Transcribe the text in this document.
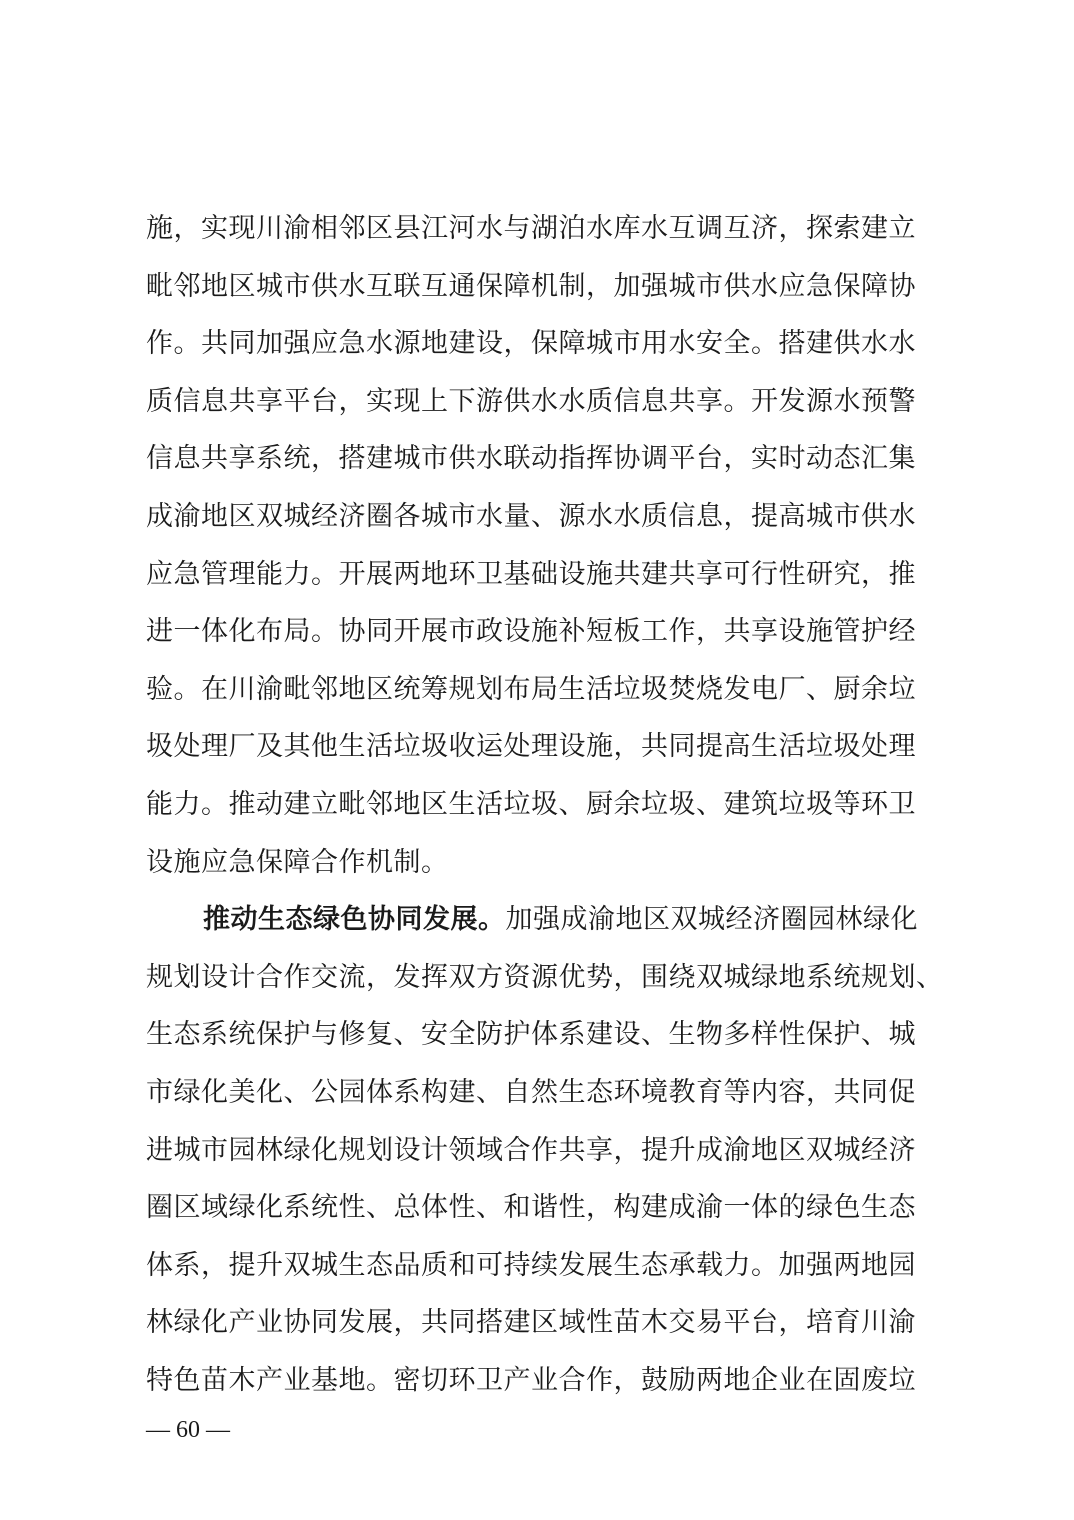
施，实现川渝相邻区县江河水与湖泊水库水互调互济，探索建立
毗邻地区城市供水互联互通保障机制，加强城市供水应急保障协
作。共同加强应急水源地建设，保障城市用水安全。搭建供水水
质信息共享平台，实现上下游供水水质信息共享。开发源水预警
信息共享系统，搭建城市供水联动指挥协调平台，实时动态汇集
成渝地区双城经济圈各城市水量、源水水质信息，提高城市供水
应急管理能力。开展两地环卫基础设施共建共享可行性研究，推
进一体化布局。协同开展市政设施补短板工作，共享设施管护经
验。在川渝毗邻地区统筹规划布局生活垃圾焚烧发电厂、厨余垃
圾处理厂及其他生活垃圾收运处理设施，共同提高生活垃圾处理
能力。推动建立毗邻地区生活垃圾、厨余垃圾、建筑垃圾等环卫
设施应急保障合作机制。
推动生态绿色协同发展。加强成渝地区双城经济圈园林绿化
规划设计合作交流，发挥双方资源优势，围绕双城绿地系统规划、
生态系统保护与修复、安全防护体系建设、生物多样性保护、城
市绿化美化、公园体系构建、自然生态环境教育等内容，共同促
进城市园林绿化规划设计领域合作共享，提升成渝地区双城经济
圈区域绿化系统性、总体性、和谐性，构建成渝一体的绿色生态
体系，提升双城生态品质和可持续发展生态承载力。加强两地园
林绿化产业协同发展，共同搭建区域性苗木交易平台，培育川渝
特色苗木产业基地。密切环卫产业合作，鼓励两地企业在固废垃
— 60 —
